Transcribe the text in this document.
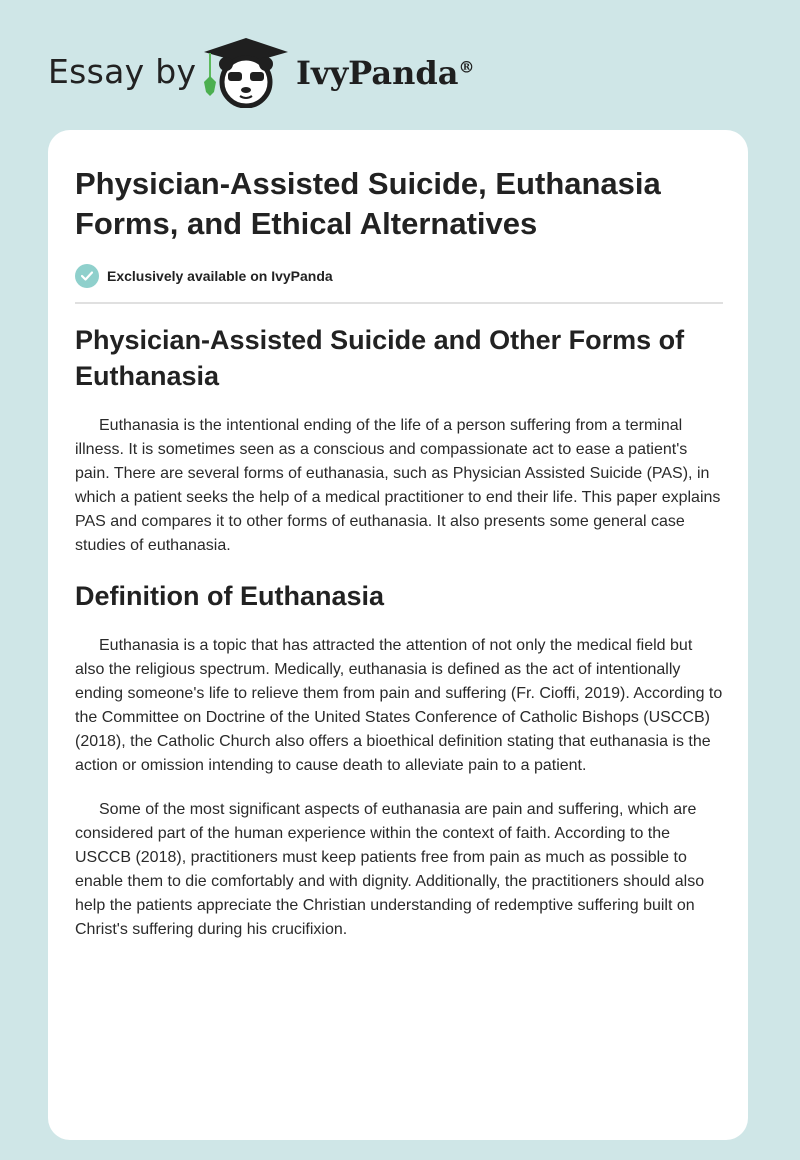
Essay by	IvyPanda®
Physician-Assisted Suicide, Euthanasia Forms, and Ethical Alternatives
Exclusively available on IvyPanda
Physician-Assisted Suicide and Other Forms of Euthanasia

Euthanasia is the intentional ending of the life of a person suffering from a terminal illness. It is sometimes seen as a conscious and compassionate act to ease a patient's pain. There are several forms of euthanasia, such as Physician Assisted Suicide (PAS), in which a patient seeks the help of a medical practitioner to end their life. This paper explains PAS and compares it to other forms of euthanasia. It also presents some general case studies of euthanasia.

Definition of Euthanasia

Euthanasia is a topic that has attracted the attention of not only the medical field but also the religious spectrum. Medically, euthanasia is defined as the act of intentionally ending someone's life to relieve them from pain and suffering (Fr. Cioffi, 2019). According to the Committee on Doctrine of the United States Conference of Catholic Bishops (USCCB) (2018), the Catholic Church also offers a bioethical definition stating that euthanasia is the action or omission intending to cause death to alleviate pain to a patient.

Some of the most significant aspects of euthanasia are pain and suffering, which are considered part of the human experience within the context of faith. According to the USCCB (2018), practitioners must keep patients free from pain as much as possible to enable them to die comfortably and with dignity. Additionally, the practitioners should also help the patients appreciate the Christian understanding of redemptive suffering built on Christ's suffering during his crucifixion.
